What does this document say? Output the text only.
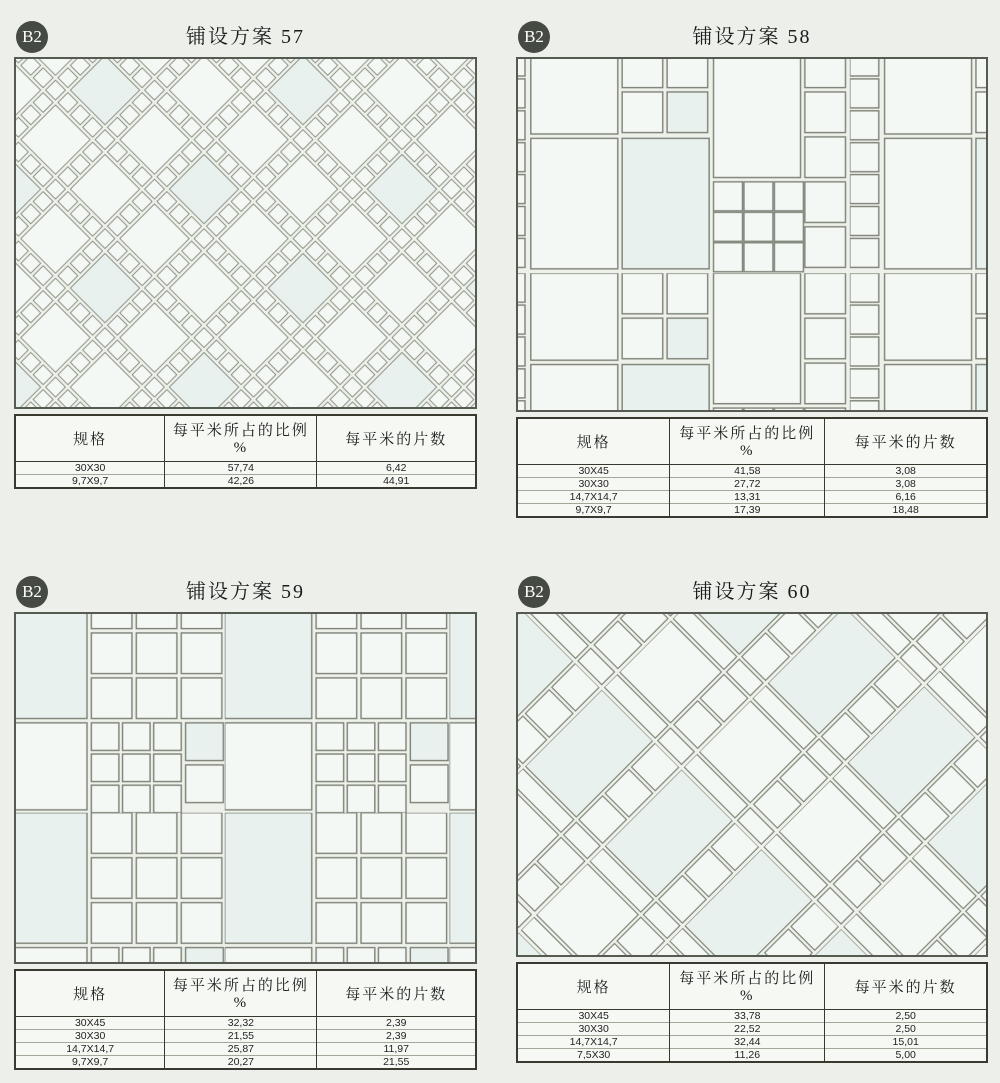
B2	铺设方案 57
规格	每平米所占的比例 %	每平米的片数
30X30	57,74	6,42
9,7X9,7	42,26	44,91
B2	铺设方案 58
规格	每平米所占的比例 %	每平米的片数
30X45	41,58	3,08
30X30	27,72	3,08
14,7X14,7	13,31	6,16
9,7X9,7	17,39	18,48
B2	铺设方案 59
规格	每平米所占的比例 %	每平米的片数
30X45	32,32	2,39
30X30	21,55	2,39
14,7X14,7	25,87	11,97
9,7X9,7	20,27	21,55
B2	铺设方案 60
规格	每平米所占的比例 %	每平米的片数
30X45	33,78	2,50
30X30	22,52	2,50
14,7X14,7	32,44	15,01
7,5X30	11,26	5,00
